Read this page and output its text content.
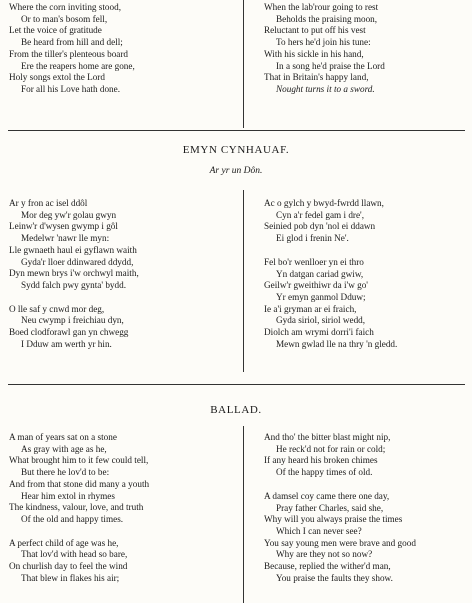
Where the corn inviting stood,
Or to man's bosom fell,
Let the voice of gratitude
Be heard from hill and dell;
From the tiller's plenteous board
Ere the reapers home are gone,
Holy songs extol the Lord
For all his Love hath done.
When the lab'rour going to rest
Beholds the praising moon,
Reluctant to put off his vest
To hers he'd join his tune:
With his sickle in his hand,
In a song he'd praise the Lord
That in Britain's happy land,
Nought turns it to a sword.
EMYN CYNHAUAF.
Ar yr un Dôn.
Ar y fron ac isel ddôl
Mor deg yw'r golau gwyn
Leinw'r d'wysen gwymp i gôl
Medelwr 'nawr lle myn:
Lle gwnaeth haul ei gyflawn waith
Gyda'r lloer ddinwared ddydd,
Dyn mewn brys i'w orchwyl maith,
Sydd falch pwy gynta' bydd.
O lle saf y cnwd mor deg,
Neu cwymp i freichiau dyn,
Boed clodforawl gan yn chwegg
I Dduw am werth yr hin.
Ac o gylch y bwyd-fwrdd llawn,
Cyn a'r fedel gam i dre',
Seinied pob dyn 'nol ei ddawn
Ei glod i frenin Ne'.
Fel bo'r wenlloer yn ei thro
Yn datgan cariad gwiw,
Geilw'r gweithiwr da i'w go'
Yr emyn ganmol Dduw;
Ie a'i gryman ar ei fraich,
Gyda siriol, siriol wedd,
Diolch am wrymi dorri'i faich
Mewn gwlad lle na thry 'n gledd.
BALLAD.
A man of years sat on a stone
As gray with age as he,
What brought him to it few could tell,
But there he lov'd to be:
And from that stone did many a youth
Hear him extol in rhymes
The kindness, valour, love, and truth
Of the old and happy times.
A perfect child of age was he,
That lov'd with head so bare,
On churlish day to feel the wind
That blew in flakes his air;
And tho' the bitter blast might nip,
He reck'd not for rain or cold;
If any heard his broken chimes
Of the happy times of old.
A damsel coy came there one day,
Pray father Charles, said she,
Why will you always praise the times
Which I can never see?
You say young men were brave and good
Why are they not so now?
Because, replied the wither'd man,
You praise the faults they show.
